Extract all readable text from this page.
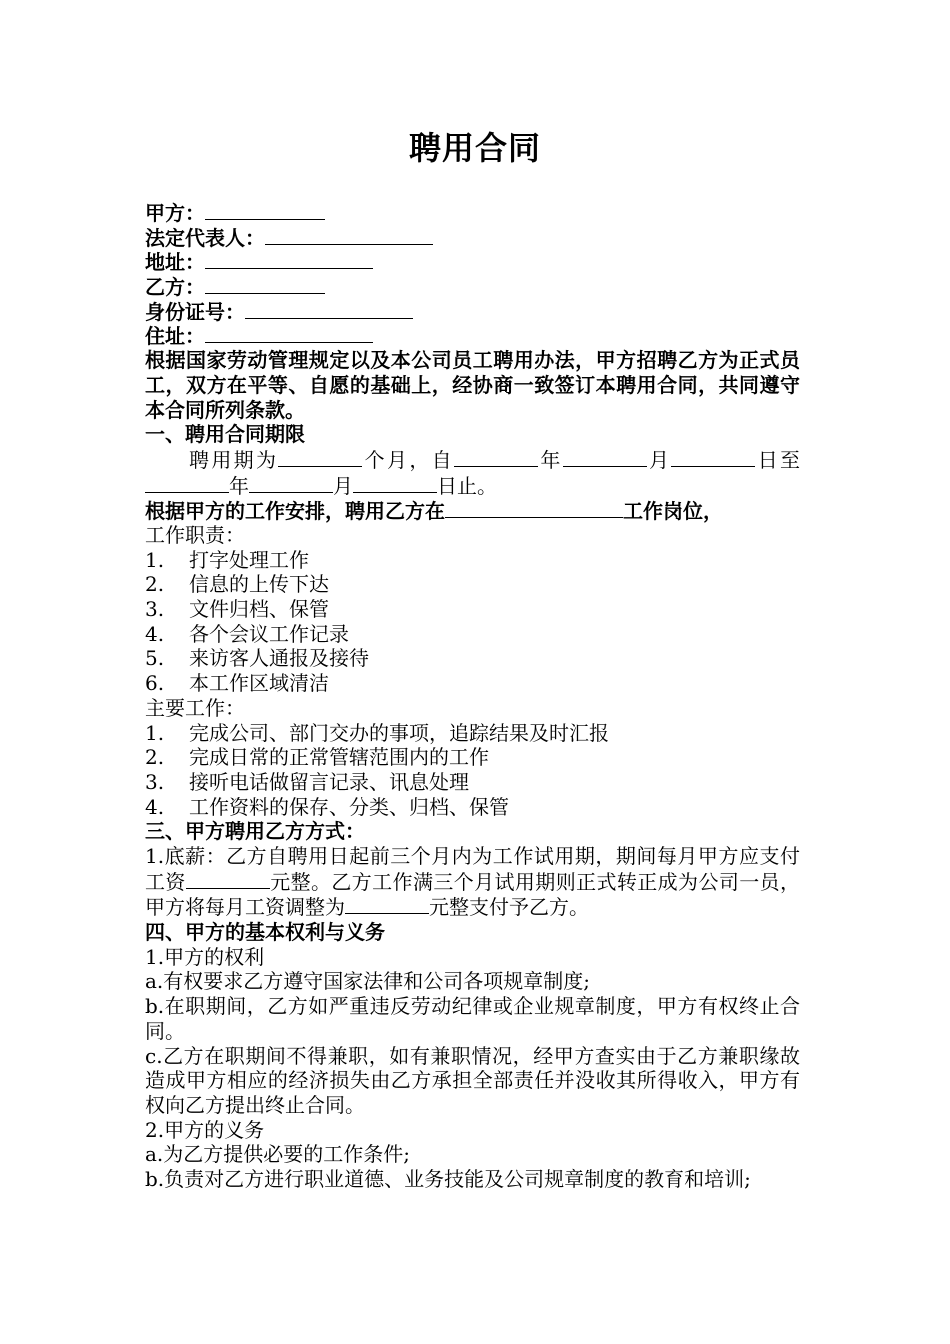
聘用合同
甲方：
法定代表人：
地址：
乙方：
身份证号：
住址：
根据国家劳动管理规定以及本公司员工聘用办法，甲方招聘乙方为正式员工，双方在平等、自愿的基础上，经协商一致签订本聘用合同，共同遵守本合同所列条款。
一、聘用合同期限
聘用期为	个月，自	年	月	日至年	月	日止。
根据甲方的工作安排，聘用乙方在	工作岗位，
工作职责：
1. 打字处理工作
2. 信息的上传下达
3. 文件归档、保管
4. 各个会议工作记录
5. 来访客人通报及接待
6. 本工作区域清洁
主要工作：
1. 完成公司、部门交办的事项，追踪结果及时汇报
2. 完成日常的正常管辖范围内的工作
3. 接听电话做留言记录、讯息处理
4. 工作资料的保存、分类、归档、保管
三、甲方聘用乙方方式：
1.底薪：乙方自聘用日起前三个月内为工作试用期，期间每月甲方应支付工资	元整。乙方工作满三个月试用期则正式转正成为公司一员，甲方将每月工资调整为	元整支付予乙方。
四、甲方的基本权利与义务
1.甲方的权利
a.有权要求乙方遵守国家法律和公司各项规章制度;
b.在职期间，乙方如严重违反劳动纪律或企业规章制度，甲方有权终止合同。
c.乙方在职期间不得兼职，如有兼职情况，经甲方查实由于乙方兼职缘故造成甲方相应的经济损失由乙方承担全部责任并没收其所得收入，甲方有权向乙方提出终止合同。
2.甲方的义务
a.为乙方提供必要的工作条件;
b.负责对乙方进行职业道德、业务技能及公司规章制度的教育和培训;
